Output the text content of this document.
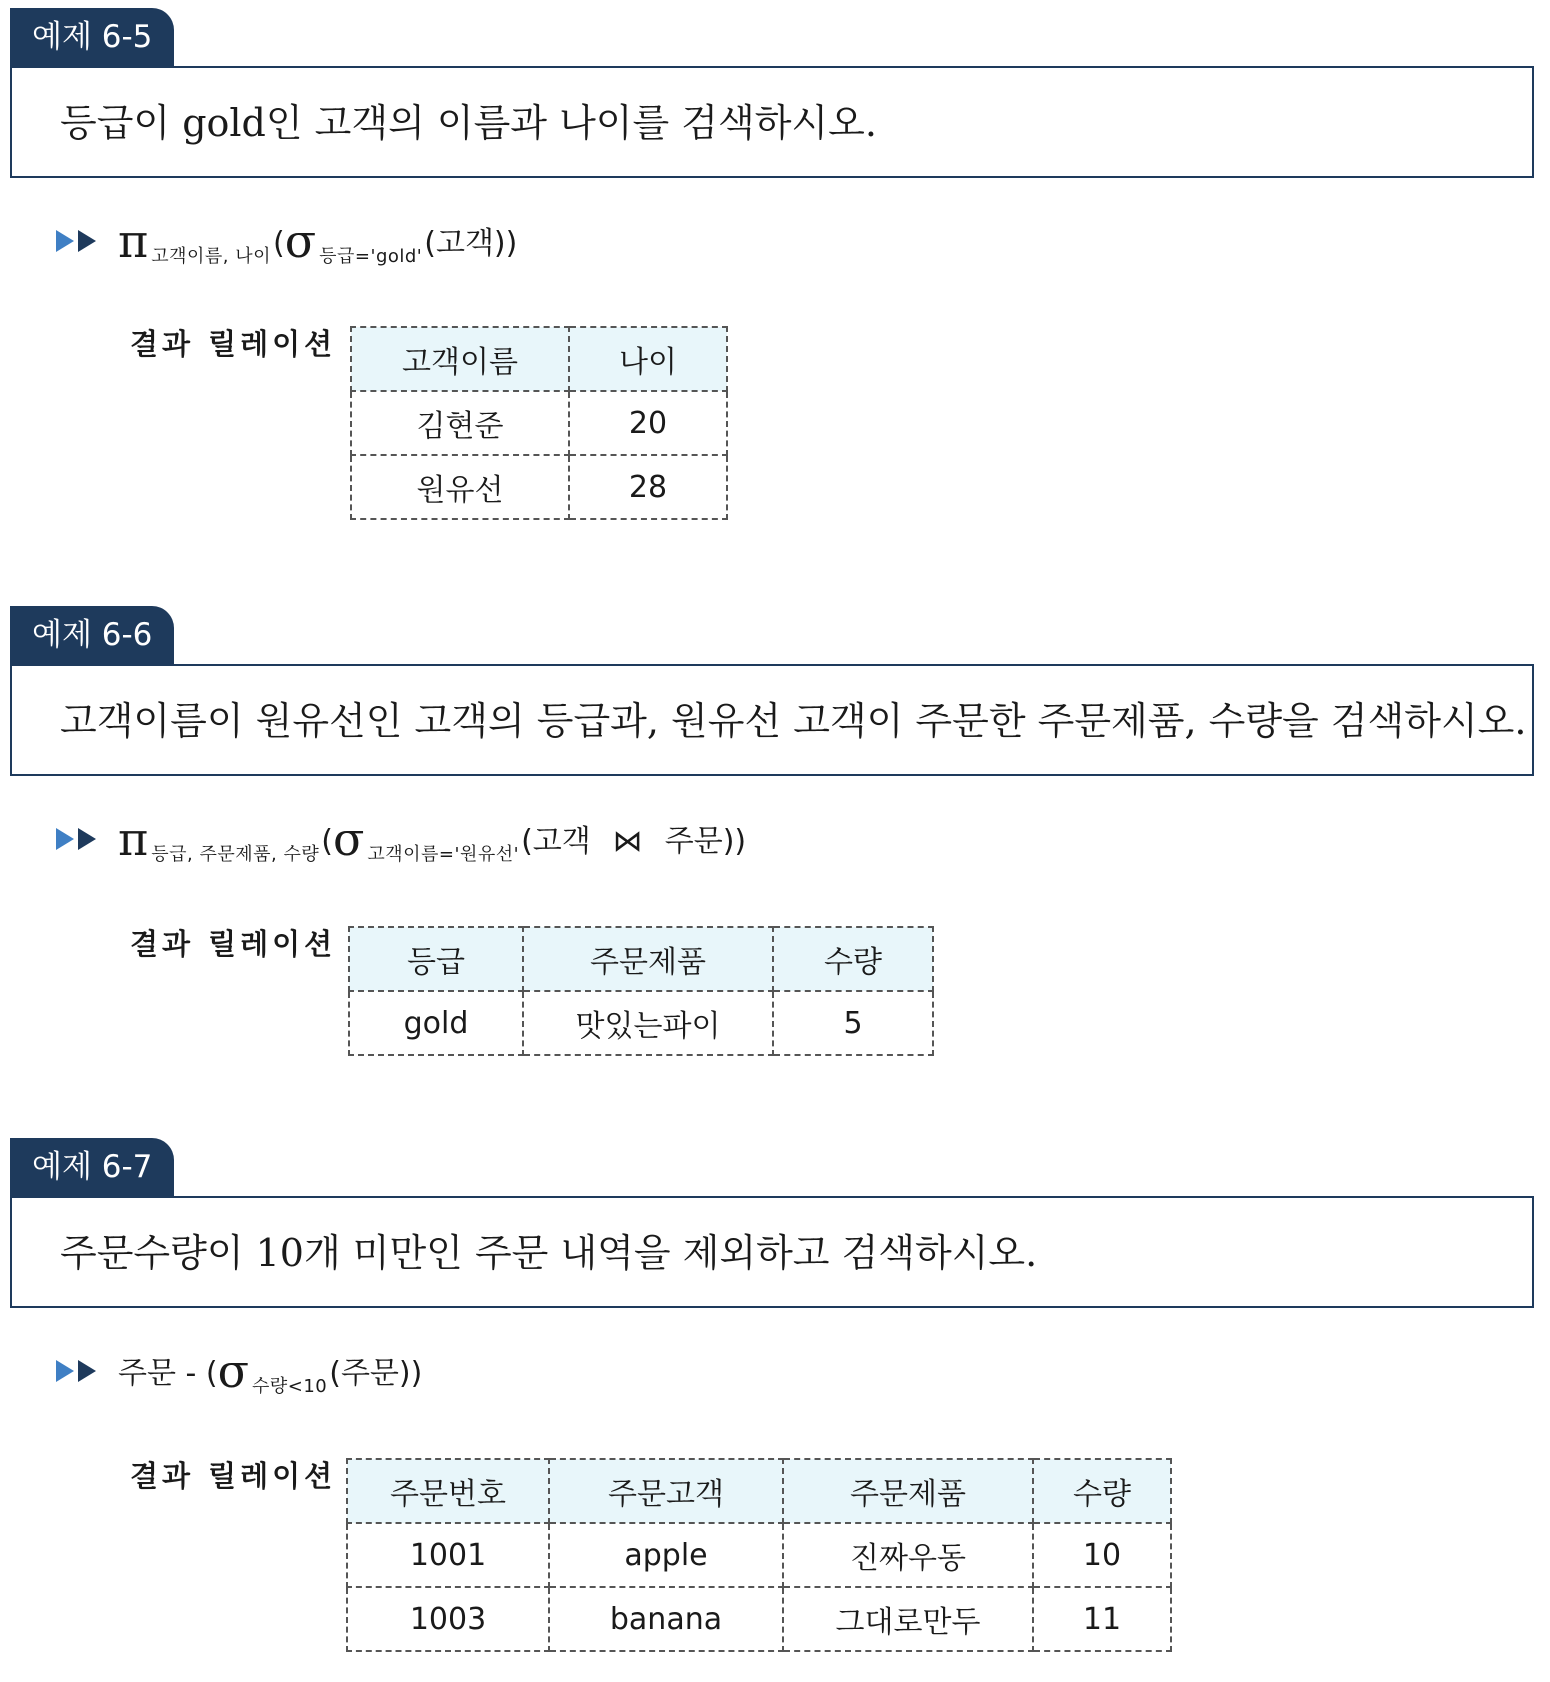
예제 6-5
등급이 gold인 고객의 이름과 나이를 검색하시오.
π 고객이름, 나이 ( σ 등급='gold' (고객))
결과 릴레이션
고객이름	나이
김현준	20
원유선	28
예제 6-6
고객이름이 원유선인 고객의 등급과, 원유선 고객이 주문한 주문제품, 수량을 검색하시오.
π 등급, 주문제품, 수량 ( σ 고객이름='원유선' (고객 ⋈ 주문))
결과 릴레이션
등급	주문제품	수량
gold	맛있는파이	5
예제 6-7
주문수량이 10개 미만인 주문 내역을 제외하고 검색하시오.
주문 - ( σ 수량<10 (주문))
결과 릴레이션
주문번호	주문고객	주문제품	수량
1001	apple	진짜우동	10
1003	banana	그대로만두	11
